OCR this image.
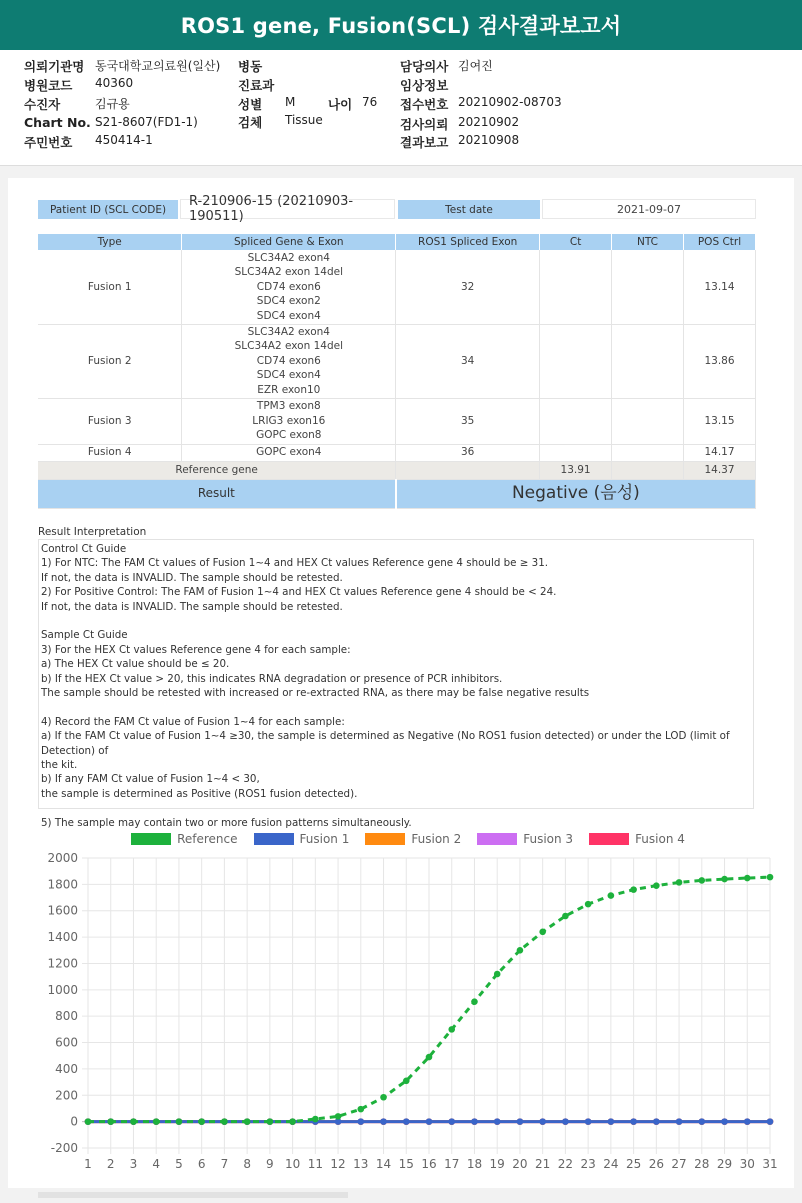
ROS1 gene, Fusion(SCL) 검사결과보고서
의뢰기관명 동국대학교의료원(일산) 병동	담당의사 김여진
병원코드 40360	진료과	임상정보
수진자	김규용	성별 M	나이 76 접수번호 20210902-08703
Chart No. S21-8607(FD1-1)	검체 Tissue	검사의뢰 20210902
주민번호 450414-1	결과보고 20210908
Patient ID (SCL CODE)
R-210906-15 (20210903-190511)	Test date	2021-09-07
Type	Spliced Gene & Exon	ROS1 Spliced Exon	Ct	NTC	POS Ctrl
Fusion 1	SLC34A2 exon4
SLC34A2 exon 14del
CD74 exon6
SDC4 exon2
SDC4 exon4	32			13.14
Fusion 2	SLC34A2 exon4
SLC34A2 exon 14del
CD74 exon6
SDC4 exon4
EZR exon10	34			13.86
Fusion 3	TPM3 exon8
LRIG3 exon16
GOPC exon8	35			13.15
Fusion 4	GOPC exon4	36			14.17
Reference gene			13.91		14.37
Result		Negative (음성)			
Result Interpretation
Control Ct Guide
1) For NTC: The FAM Ct values of Fusion 1~4 and HEX Ct values Reference gene 4 should be ≥ 31.
If not, the data is INVALID. The sample should be retested.
2) For Positive Control: The FAM of Fusion 1~4 and HEX Ct values Reference gene 4 should be < 24.
If not, the data is INVALID. The sample should be retested.
Sample Ct Guide
3) For the HEX Ct values Reference gene 4 for each sample:
a) The HEX Ct value should be ≤ 20.
b) If the HEX Ct value > 20, this indicates RNA degradation or presence of PCR inhibitors.
The sample should be retested with increased or re-extracted RNA, as there may be false negative results
4) Record the FAM Ct value of Fusion 1~4 for each sample:
a) If the FAM Ct value of Fusion 1~4 ≥30, the sample is determined as Negative (No ROS1 fusion detected) or under the LOD (limit of Detection) of
the kit.
b) If any FAM Ct value of Fusion 1~4 < 30,
the sample is determined as Positive (ROS1 fusion detected).
5) The sample may contain two or more fusion patterns simultaneously.
Reference	Fusion 1	Fusion 2	Fusion 3	Fusion 4
-200
0
200
400
600
800
1000
1200
1400
1600
1800
2000
1 2 3 4 5 6 7 8 9 10 11 12 13 14 15 16 17 18 19 20 21 22 23 24 25 26 27 28 29 30 31
